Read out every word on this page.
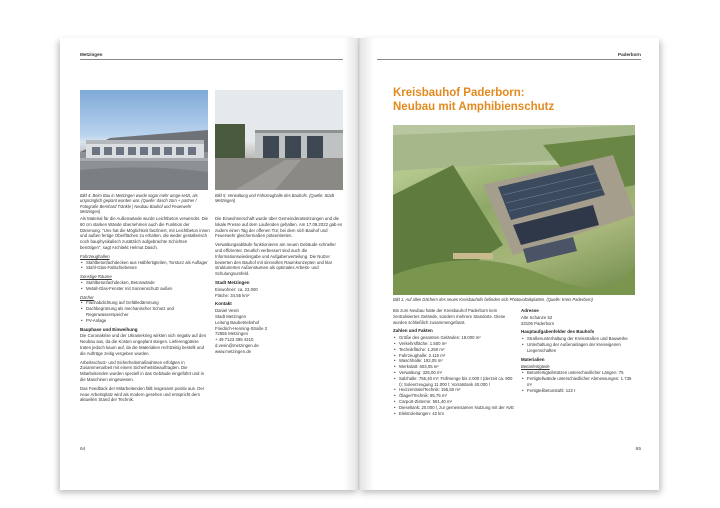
Metzingen
Bild 4: Beim Bau in Metzingen wurde sogar mehr umge-setzt, als ursprünglich geplant worden war. (Quelle: dasch zürn + partner / Fotografie Bernhard Tränkle | Neubau Bauhof und Feuerwehr Metzingen)
Bild 5: Verwaltung und Fahrzeughalle des Bauhofs. (Quelle: Stadt Metzingen)

Als Material für die Außenwände wurde Leichtbeton verwendet. Die 60 cm starken Wände übernehmen auch die Funktion der Dämmung. "Uns hat die Möglichkeit fasziniert, mit Leichtbeton innen und außen fertige Oberflächen zu erhalten, die weder gestalterisch noch bauphysikalisch zusätzlich aufgebrachte Schichten benötigen", sagt Architekt Helmut Dasch.

Fahrzeughallen
• Stahlbetonfachdecken aus Halbfertigteilen, Torsturz als Auflager
• Stahl-Glas-Faltschiebetore
Sonstige Räume
• Stahlbetonfachdecken, Betonwände
• Metall-Glas-Fenster mit Sonnenschutz außen
Dächer
• Flachabdichtung auf Gefälledämmung
• Dachbegrünung als mechanischer Schutz und Regenwasserspeicher
• PV-Anlage
Bauphase und Einweihung

Die Coronakrise und der Ukrainekrieg wirkten sich negativ auf den Neubau aus, da die Kosten ungeplant stiegen. Lieferengpässe traten jedoch kaum auf, da die Materialien rechtzeitig bestellt und die Aufträge zeitig vergeben wurden.

Arbeitsschutz- und Sicherheitsmaßnahmen erfolgten in Zusammenarbeit mit einem Sicherheitsbeauftragten. Die Mitarbeitenden wurden speziell in das Gebäude eingeführt und in die Maschinen eingewiesen.

Das Feedback der Mitarbeitenden fällt insgesamt positiv aus. Der neue Arbeitsplatz wird als modern gesehen und entspricht dem aktuellen Stand der Technik.

Die Einwohnerschaft wurde über Gemeinderatssitzungen und die lokale Presse auf dem Laufenden gehalten. Am 17.09.2022 gab es zudem einen Tag der offenen Tür, bei dem sich Bauhof und Feuerwehr gleichermaßen präsentierten.

Verwaltungsabläufe funktionieren am neuen Gebäude schneller und effizienter. Deutlich verbessert sind auch die Informationswiedergabe und Aufgabenverteilung. Die Nutzer bewerten den Bauhof mit sinnvollen Raumkonzepten und klar strukturierten Außenräumen als optimales Arbeits- und Schulungsumfeld.

Stadt Metzingen
Einwohner: ca. 23.000
Fläche: 34,55 km²
Kontakt
Daniel Vesin
Stadt Metzingen
Leitung Baubetriebshof
Friedrich-Henning-Straße 3
72555 Metzingen
+ 49 7123 395 4310
d.vesin@metzingen.de
www.metzingen.de
64
Paderborn
Kreisbauhof Paderborn:
Neubau mit Amphibienschutz
Bild 1: Auf allen Dächern des neuen Kreisbauhofs befinden sich Photovoltaikplatten. (Quelle: Kreis Paderborn)

Bis zum Neubau hatte der Kreisbauhof Paderborn kein zentralisiertes Gelände, sondern mehrere Standorte. Diese wurden schließlich zusammengefasst.

Zahlen und Fakten
• Größe des gesamten Geländes: 18.000 m²
• Verkehrsfläche: 1.500 m²
• Technikfläche: 1.250 m²
• Fahrzeughalle: 2.115 m²
• Waschhalle: 192,05 m²
• Werkstatt: 603,05 m²
• Verwaltung: 325,00 m²
• Salzhalle: 755,40 m²; Füllmenge bis 2.000 t (derzeit ca. 900 t); Soleerzeugung 11.000 l; Vorratstank 40.000 l
• Heizzentrale/Technik: 155,50 m²
• Ölager/Technik: 85,75 m²
• Carport-Zisterne: 591,40 m²
• Dieseltank: 20.000 l, zur gemeinsamen Nutzung mit der AVE
• Elektroleitungen: 42 km
Adresse
Alte Schanze 52
33106 Paderborn
Hauptaufgabenfelder des Bauhofs
• Straßenunterhaltung der Kreisstraßen und Bauwerke
• Unterhaltung der Außenanlagen der kreiseigenen Liegenschaften
Materialien
Betonfertigteile
• Betonfertigteilstützen unterschiedlicher Längen: 75
• Fertigteilwände unterschiedlicher Abmessungen: 1.735 m²
• Fertigteilbetonstahl: 122 t
65
